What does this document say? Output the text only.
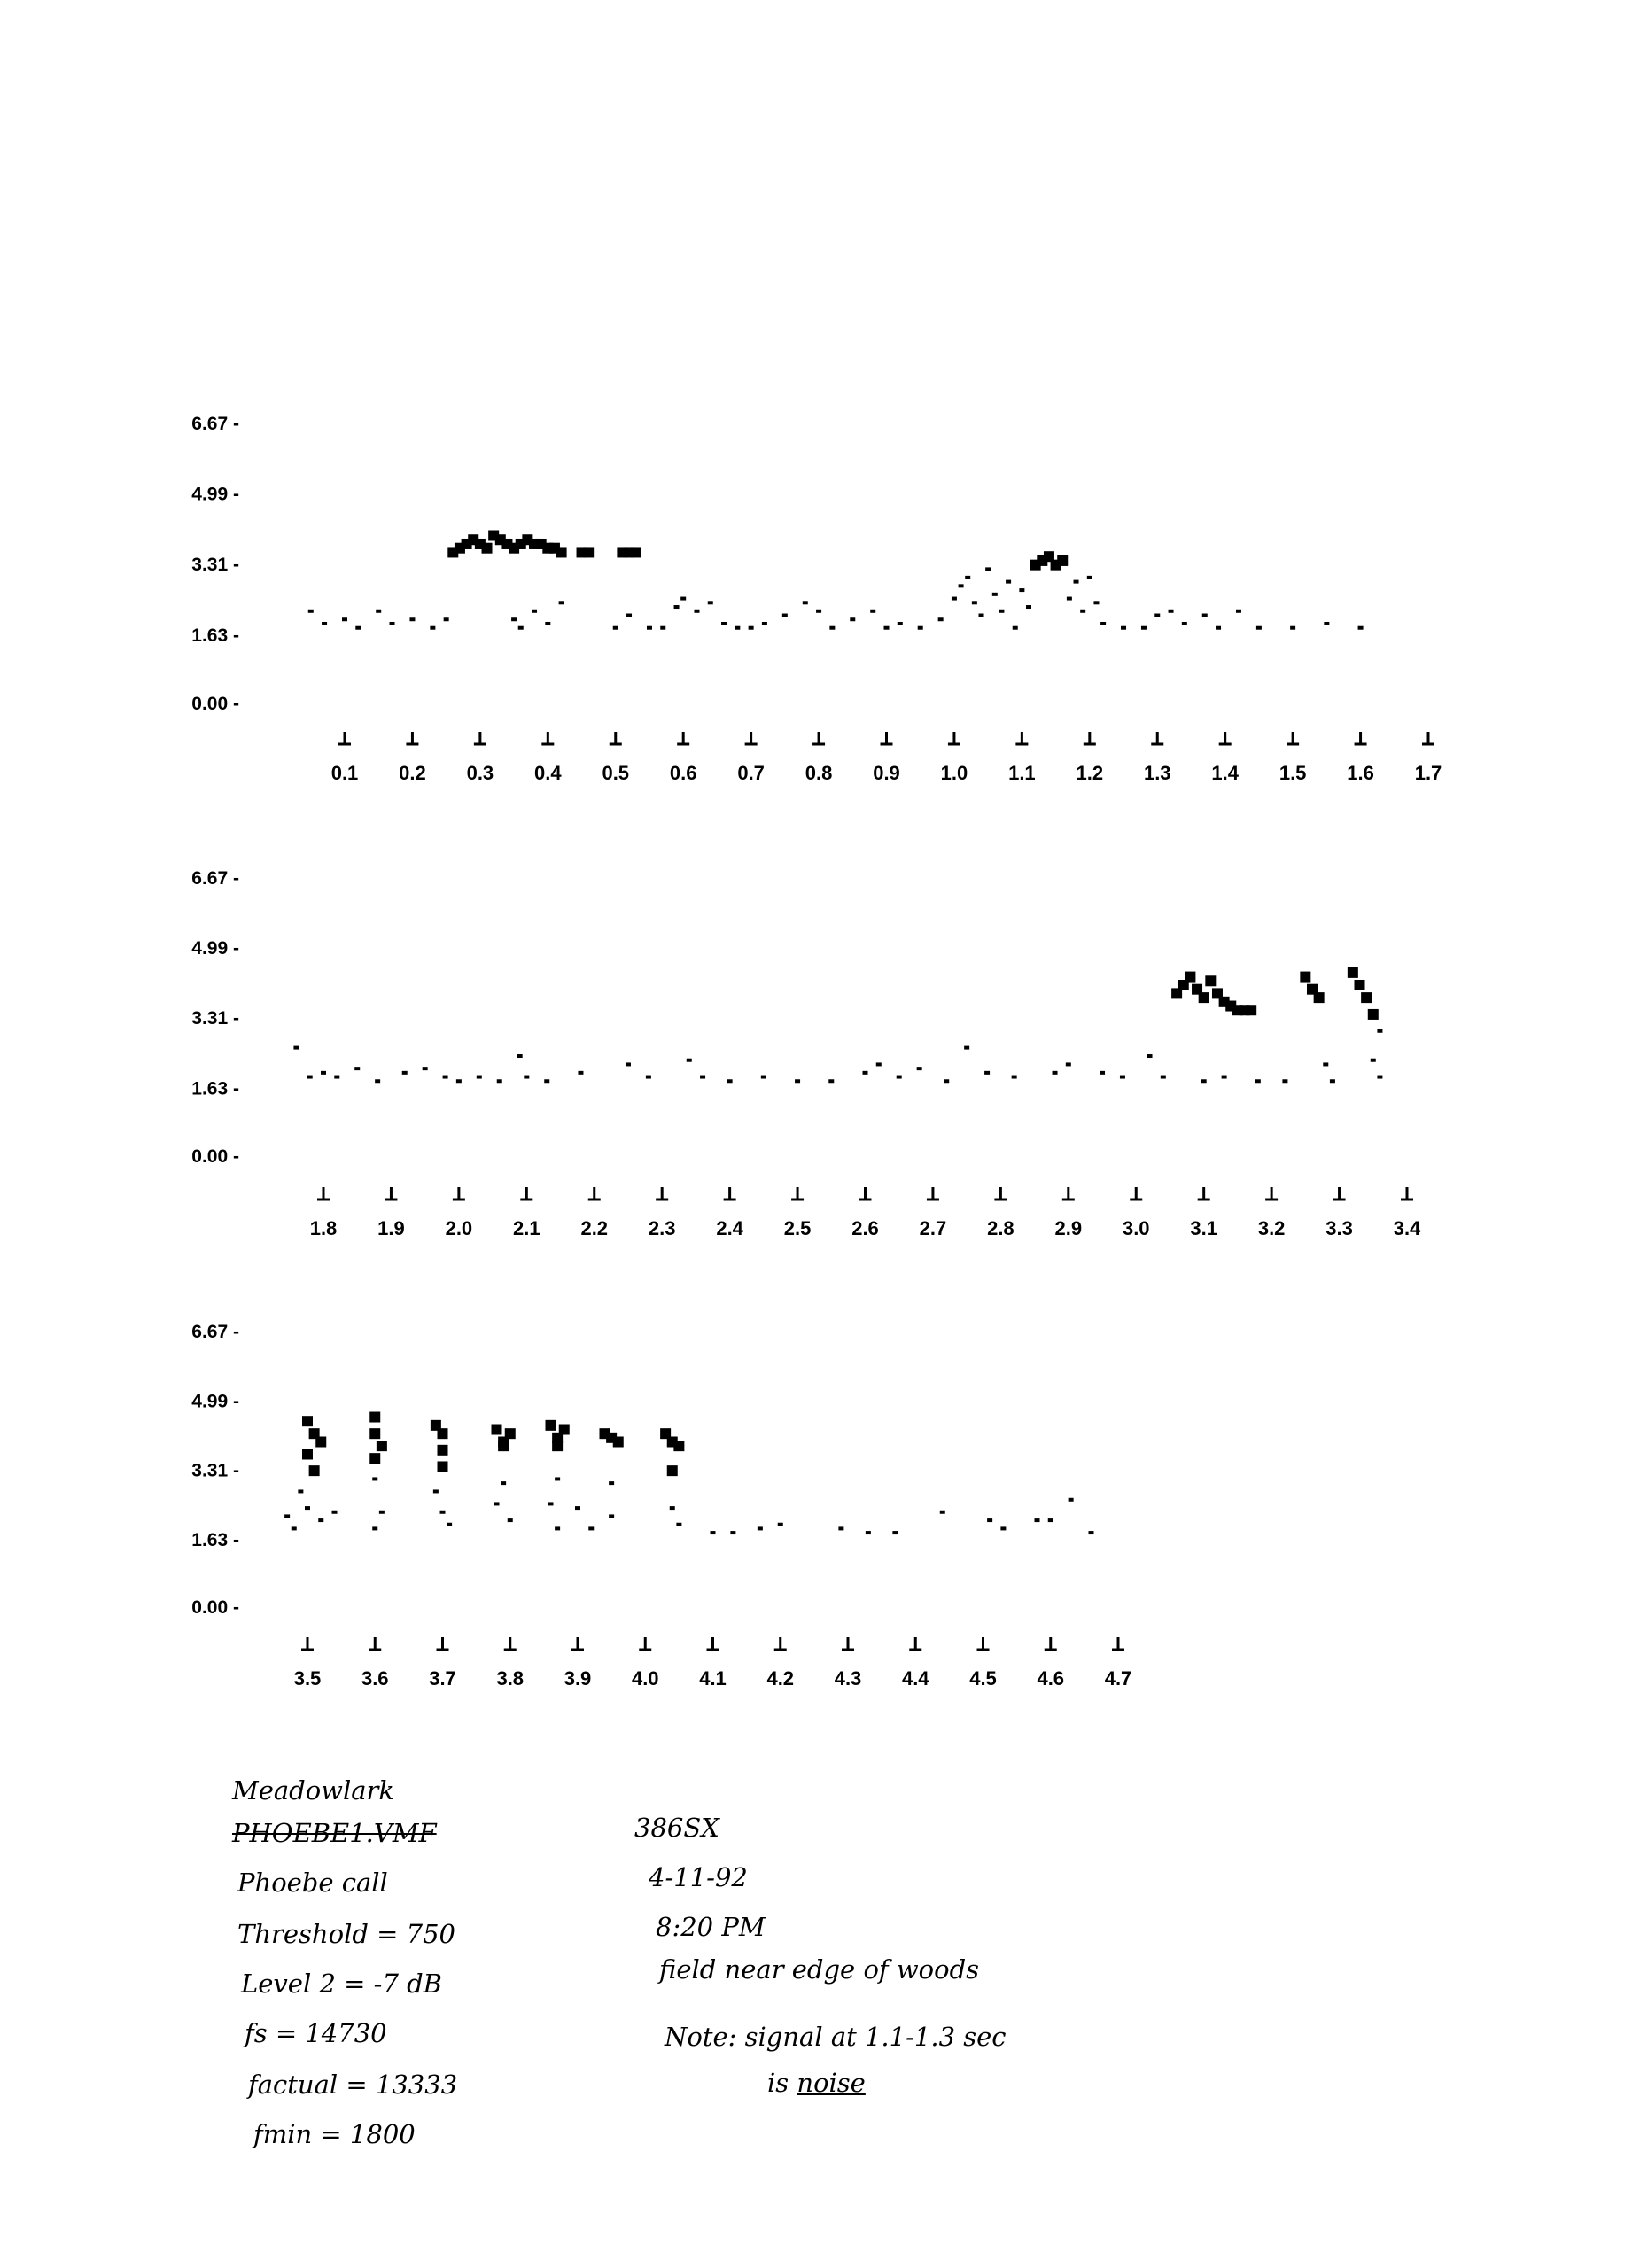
6.67 -
4.99 -
3.31 -
1.63 -
0.00 -
0.1 0.2 0.3 0.4 0.5 0.6 0.7 0.8 0.9 1.0 1.1 1.2 1.3 1.4 1.5 1.6 1.7
6.67 -
4.99 -
3.31 -
1.63 -
0.00 -
1.8 1.9 2.0 2.1 2.2 2.3 2.4 2.5 2.6 2.7 2.8 2.9 3.0 3.1 3.2 3.3 3.4
6.67 -
4.99 -
3.31 -
1.63 -
0.00 -
3.5 3.6 3.7 3.8 3.9 4.0 4.1 4.2 4.3 4.4 4.5 4.6 4.7
Meadowlark
PHOEBE1.VMF
Phoebe call
Threshold = 750
Level 2 = -7 dB
fs = 14730
factual = 13333
fmin = 1800
386SX
4-11-92
8:20 PM
field near edge of woods
Note: signal at 1.1-1.3 sec
is noise
